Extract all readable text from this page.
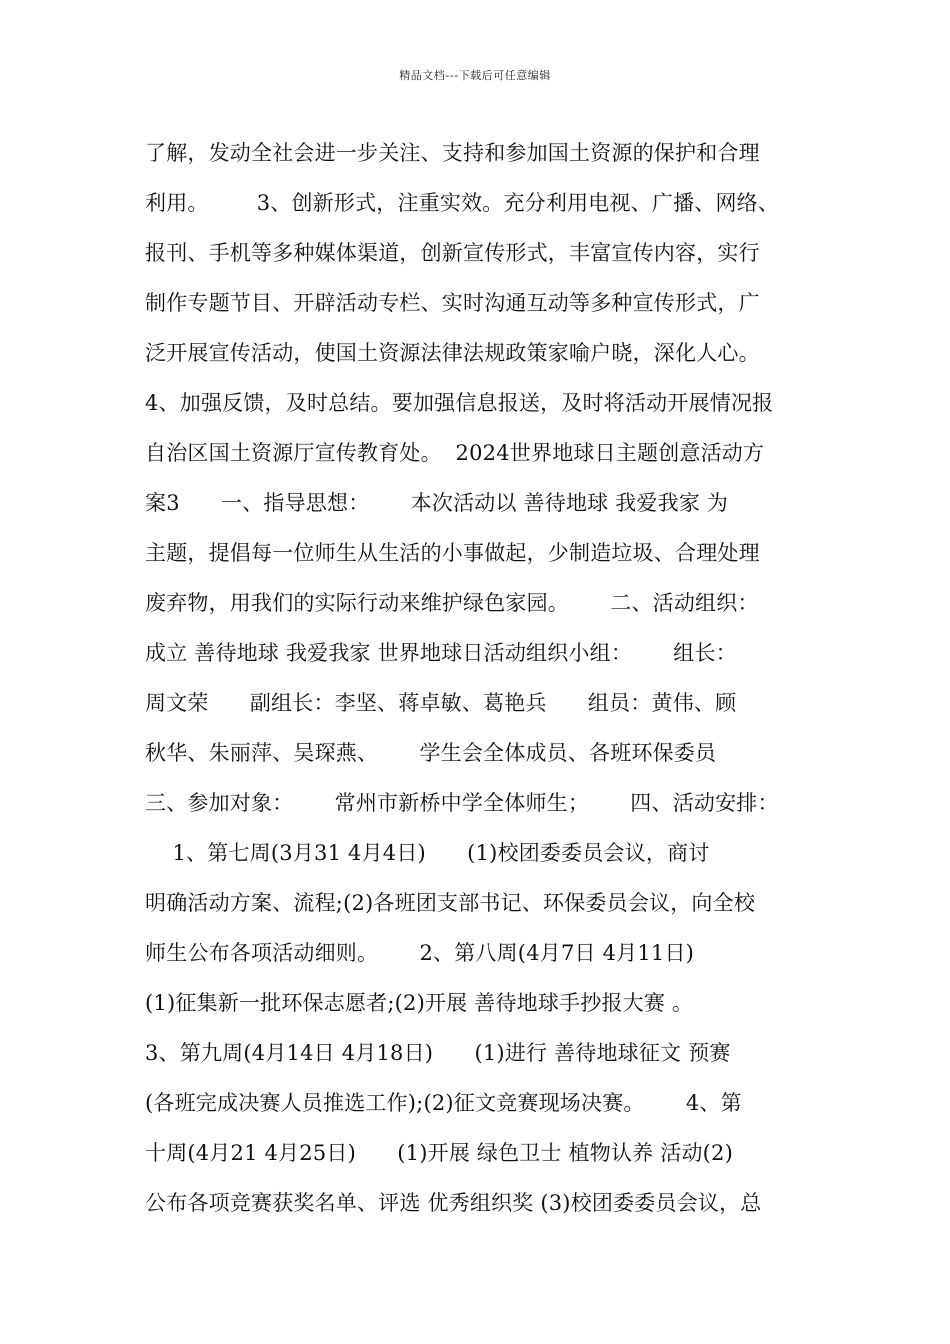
精品文档---下载后可任意编辑
了解，发动全社会进一步关注、支持和参加国土资源的保护和合理
利用。       3、创新形式，注重实效。充分利用电视、广播、网络、
报刊、手机等多种媒体渠道，创新宣传形式，丰富宣传内容，实行
制作专题节目、开辟活动专栏、实时沟通互动等多种宣传形式，广
泛开展宣传活动，使国土资源法律法规政策家喻户晓，深化人心。
4、加强反馈，及时总结。要加强信息报送，及时将活动开展情况报
自治区国土资源厅宣传教育处。  2024世界地球日主题创意活动方
案3      一、指导思想：      本次活动以 善待地球 我爱我家 为
主题，提倡每一位师生从生活的小事做起，少制造垃圾、合理处理
废弃物，用我们的实际行动来维护绿色家园。      二、活动组织：
成立 善待地球 我爱我家 世界地球日活动组织小组：      组长：
周文荣      副组长：李坚、蒋卓敏、葛艳兵      组员：黄伟、顾
秋华、朱丽萍、吴琛燕、      学生会全体成员、各班环保委员
三、参加对象：      常州市新桥中学全体师生；      四、活动安排：
1、第七周(3月31 4月4日)      (1)校团委委员会议，商讨
明确活动方案、流程;(2)各班团支部书记、环保委员会议，向全校
师生公布各项活动细则。      2、第八周(4月7日 4月11日)
(1)征集新一批环保志愿者;(2)开展 善待地球手抄报大赛 。
3、第九周(4月14日 4月18日)      (1)进行 善待地球征文 预赛
(各班完成决赛人员推选工作);(2)征文竞赛现场决赛。      4、第
十周(4月21 4月25日)      (1)开展 绿色卫士 植物认养 活动(2)
公布各项竞赛获奖名单、评选 优秀组织奖 (3)校团委委员会议，总
